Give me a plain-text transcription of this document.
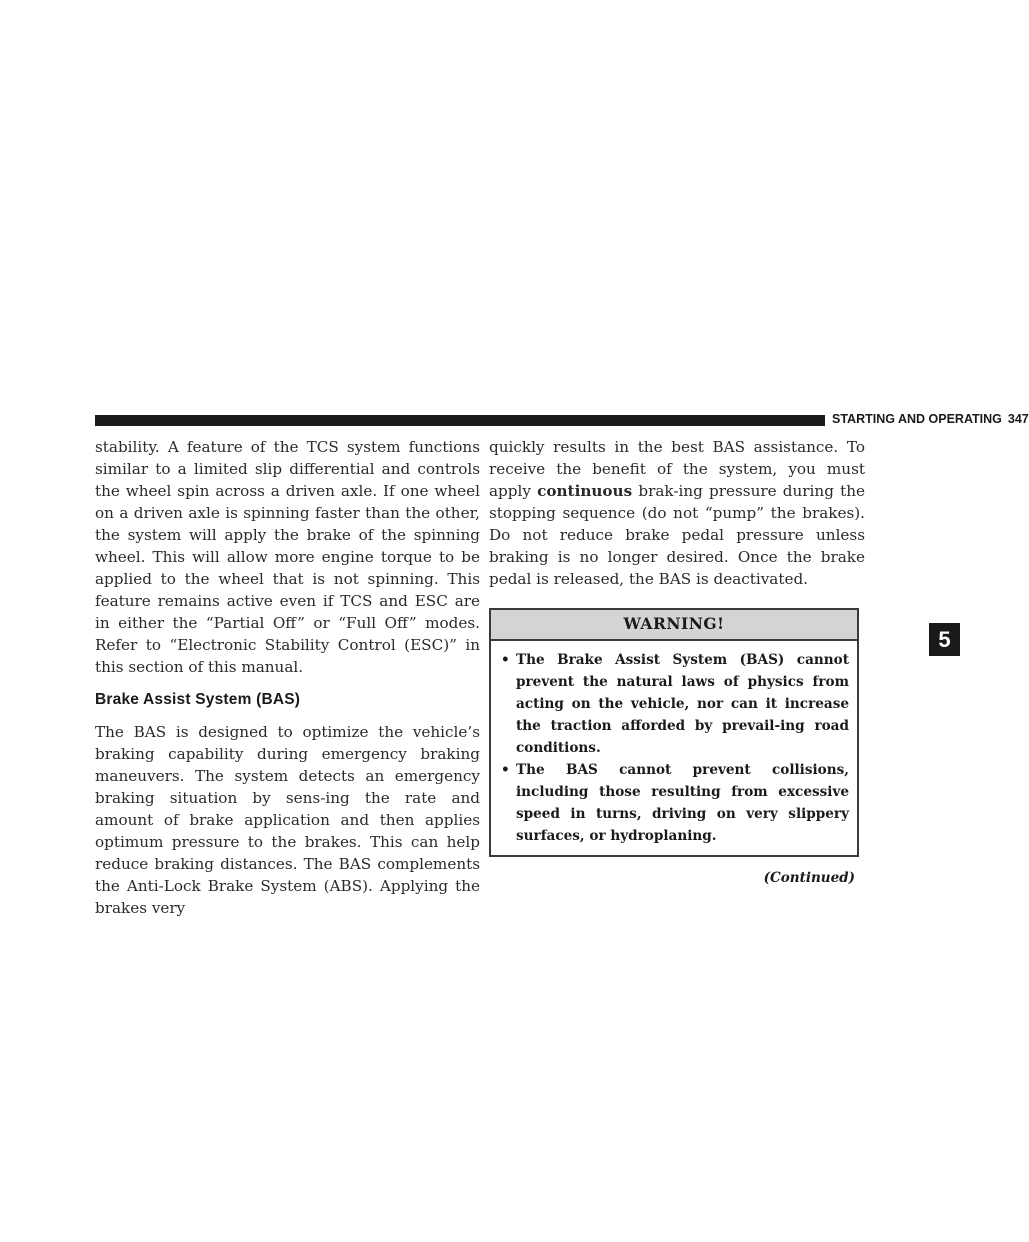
STARTING AND OPERATING 347

stability. A feature of the TCS system functions similar to a limited slip differential and controls the wheel spin across a driven axle. If one wheel on a driven axle is spinning faster than the other, the system will apply the brake of the spinning wheel. This will allow more engine torque to be applied to the wheel that is not spinning. This feature remains active even if TCS and ESC are in either the “Partial Off” or “Full Off” modes. Refer to “Electronic Stability Control (ESC)” in this section of this manual.

Brake Assist System (BAS)

The BAS is designed to optimize the vehicle’s braking capability during emergency braking maneuvers. The system detects an emergency braking situation by sens-ing the rate and amount of brake application and then applies optimum pressure to the brakes. This can help reduce braking distances. The BAS complements the Anti-Lock Brake System (ABS). Applying the brakes very

quickly results in the best BAS assistance. To receive the benefit of the system, you must apply continuous brak-ing pressure during the stopping sequence (do not “pump” the brakes). Do not reduce brake pedal pressure unless braking is no longer desired. Once the brake pedal is released, the BAS is deactivated.

WARNING!
• The Brake Assist System (BAS) cannot prevent the natural laws of physics from acting on the vehicle, nor can it increase the traction afforded by prevail-ing road conditions.
• The BAS cannot prevent collisions, including those resulting from excessive speed in turns, driving on very slippery surfaces, or hydroplaning.
(Continued)
5
